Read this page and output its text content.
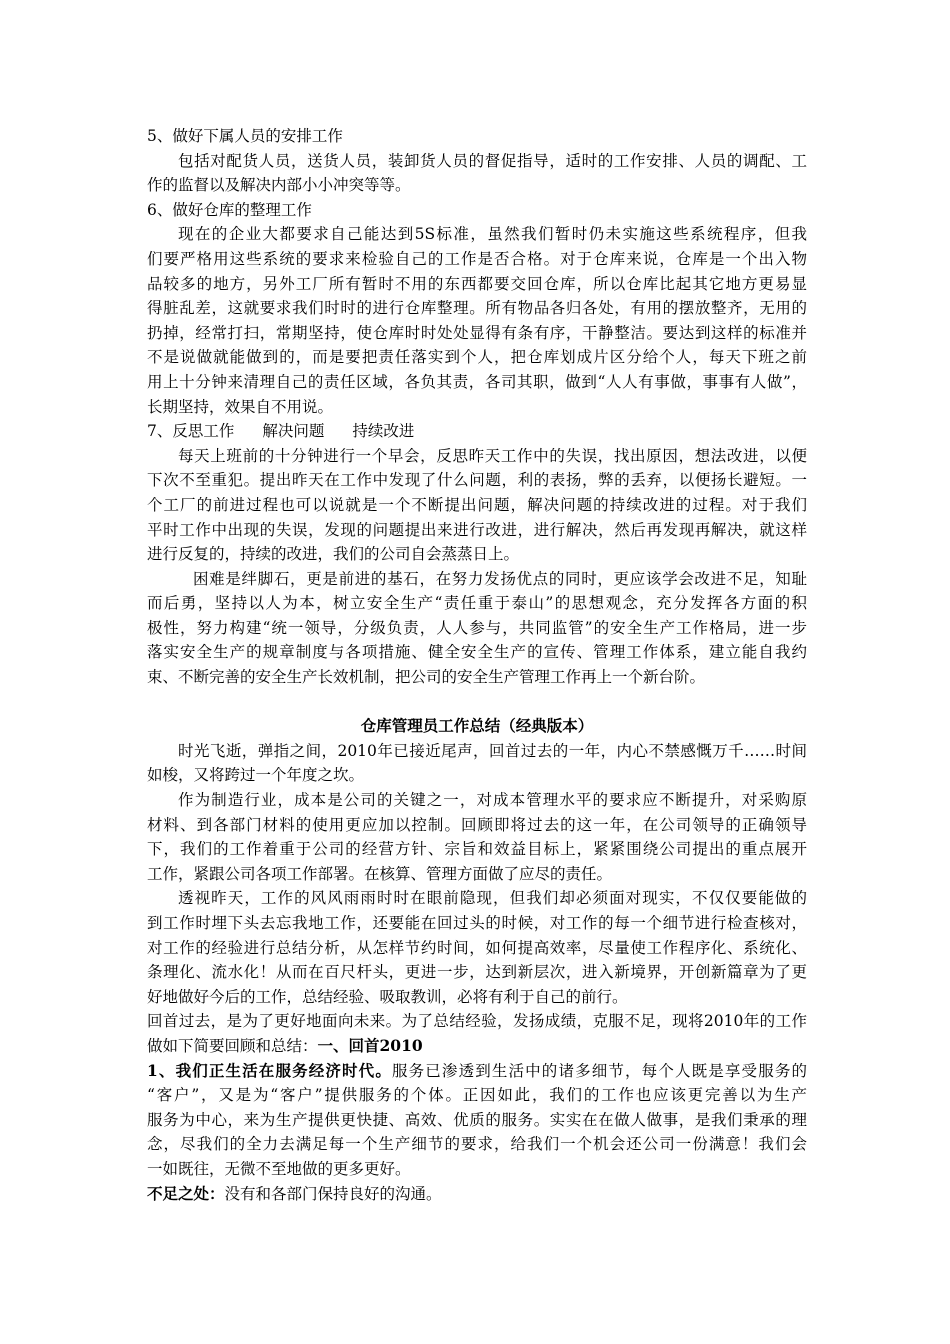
5、做好下属人员的安排工作
包括对配货人员，送货人员，装卸货人员的督促指导，适时的工作安排、人员的调配、工
作的监督以及解决内部小小冲突等等。
6、做好仓库的整理工作
现在的企业大都要求自己能达到5S标准，虽然我们暂时仍未实施这些系统程序，但我
们要严格用这些系统的要求来检验自己的工作是否合格。对于仓库来说，仓库是一个出入物
品较多的地方，另外工厂所有暂时不用的东西都要交回仓库，所以仓库比起其它地方更易显
得脏乱差，这就要求我们时时的进行仓库整理。所有物品各归各处，有用的摆放整齐，无用的
扔掉，经常打扫，常期坚持，使仓库时时处处显得有条有序，干静整洁。要达到这样的标准并
不是说做就能做到的，而是要把责任落实到个人，把仓库划成片区分给个人，每天下班之前
用上十分钟来清理自己的责任区域，各负其责，各司其职，做到“人人有事做，事事有人做”，
长期坚持，效果自不用说。
7、反思工作 解决问题 持续改进
每天上班前的十分钟进行一个早会，反思昨天工作中的失误，找出原因，想法改进，以便
下次不至重犯。提出昨天在工作中发现了什么问题，利的表扬，弊的丢弃，以便扬长避短。一
个工厂的前进过程也可以说就是一个不断提出问题，解决问题的持续改进的过程。对于我们
平时工作中出现的失误，发现的问题提出来进行改进，进行解决，然后再发现再解决，就这样
进行反复的，持续的改进，我们的公司自会蒸蒸日上。
困难是绊脚石，更是前进的基石，在努力发扬优点的同时，更应该学会改进不足，知耻
而后勇，坚持以人为本，树立安全生产“责任重于泰山”的思想观念，充分发挥各方面的积
极性，努力构建“统一领导，分级负责，人人参与，共同监管”的安全生产工作格局，进一步
落实安全生产的规章制度与各项措施、健全安全生产的宣传、管理工作体系，建立能自我约
束、不断完善的安全生产长效机制，把公司的安全生产管理工作再上一个新台阶。
仓库管理员工作总结（经典版本）
时光飞逝，弹指之间，2010年已接近尾声，回首过去的一年，内心不禁感慨万千……时间
如梭，又将跨过一个年度之坎。
作为制造行业，成本是公司的关键之一，对成本管理水平的要求应不断提升，对采购原
材料、到各部门材料的使用更应加以控制。回顾即将过去的这一年，在公司领导的正确领导
下，我们的工作着重于公司的经营方针、宗旨和效益目标上，紧紧围绕公司提出的重点展开
工作，紧跟公司各项工作部署。在核算、管理方面做了应尽的责任。
透视昨天，工作的风风雨雨时时在眼前隐现，但我们却必须面对现实，不仅仅要能做的
到工作时埋下头去忘我地工作，还要能在回过头的时候，对工作的每一个细节进行检查核对，
对工作的经验进行总结分析，从怎样节约时间，如何提高效率，尽量使工作程序化、系统化、
条理化、流水化！从而在百尺杆头，更进一步，达到新层次，进入新境界，开创新篇章为了更
好地做好今后的工作，总结经验、吸取教训，必将有利于自己的前行。
回首过去，是为了更好地面向未来。为了总结经验，发扬成绩，克服不足，现将2010年的工作
做如下简要回顾和总结：一、回首2010
1、我们正生活在服务经济时代。服务已渗透到生活中的诸多细节，每个人既是享受服务的
“客户”，又是为“客户”提供服务的个体。正因如此，我们的工作也应该更完善以为生产
服务为中心，来为生产提供更快捷、高效、优质的服务。实实在在做人做事，是我们秉承的理
念，尽我们的全力去满足每一个生产细节的要求，给我们一个机会还公司一份满意！我们会
一如既往，无微不至地做的更多更好。
不足之处：没有和各部门保持良好的沟通。
